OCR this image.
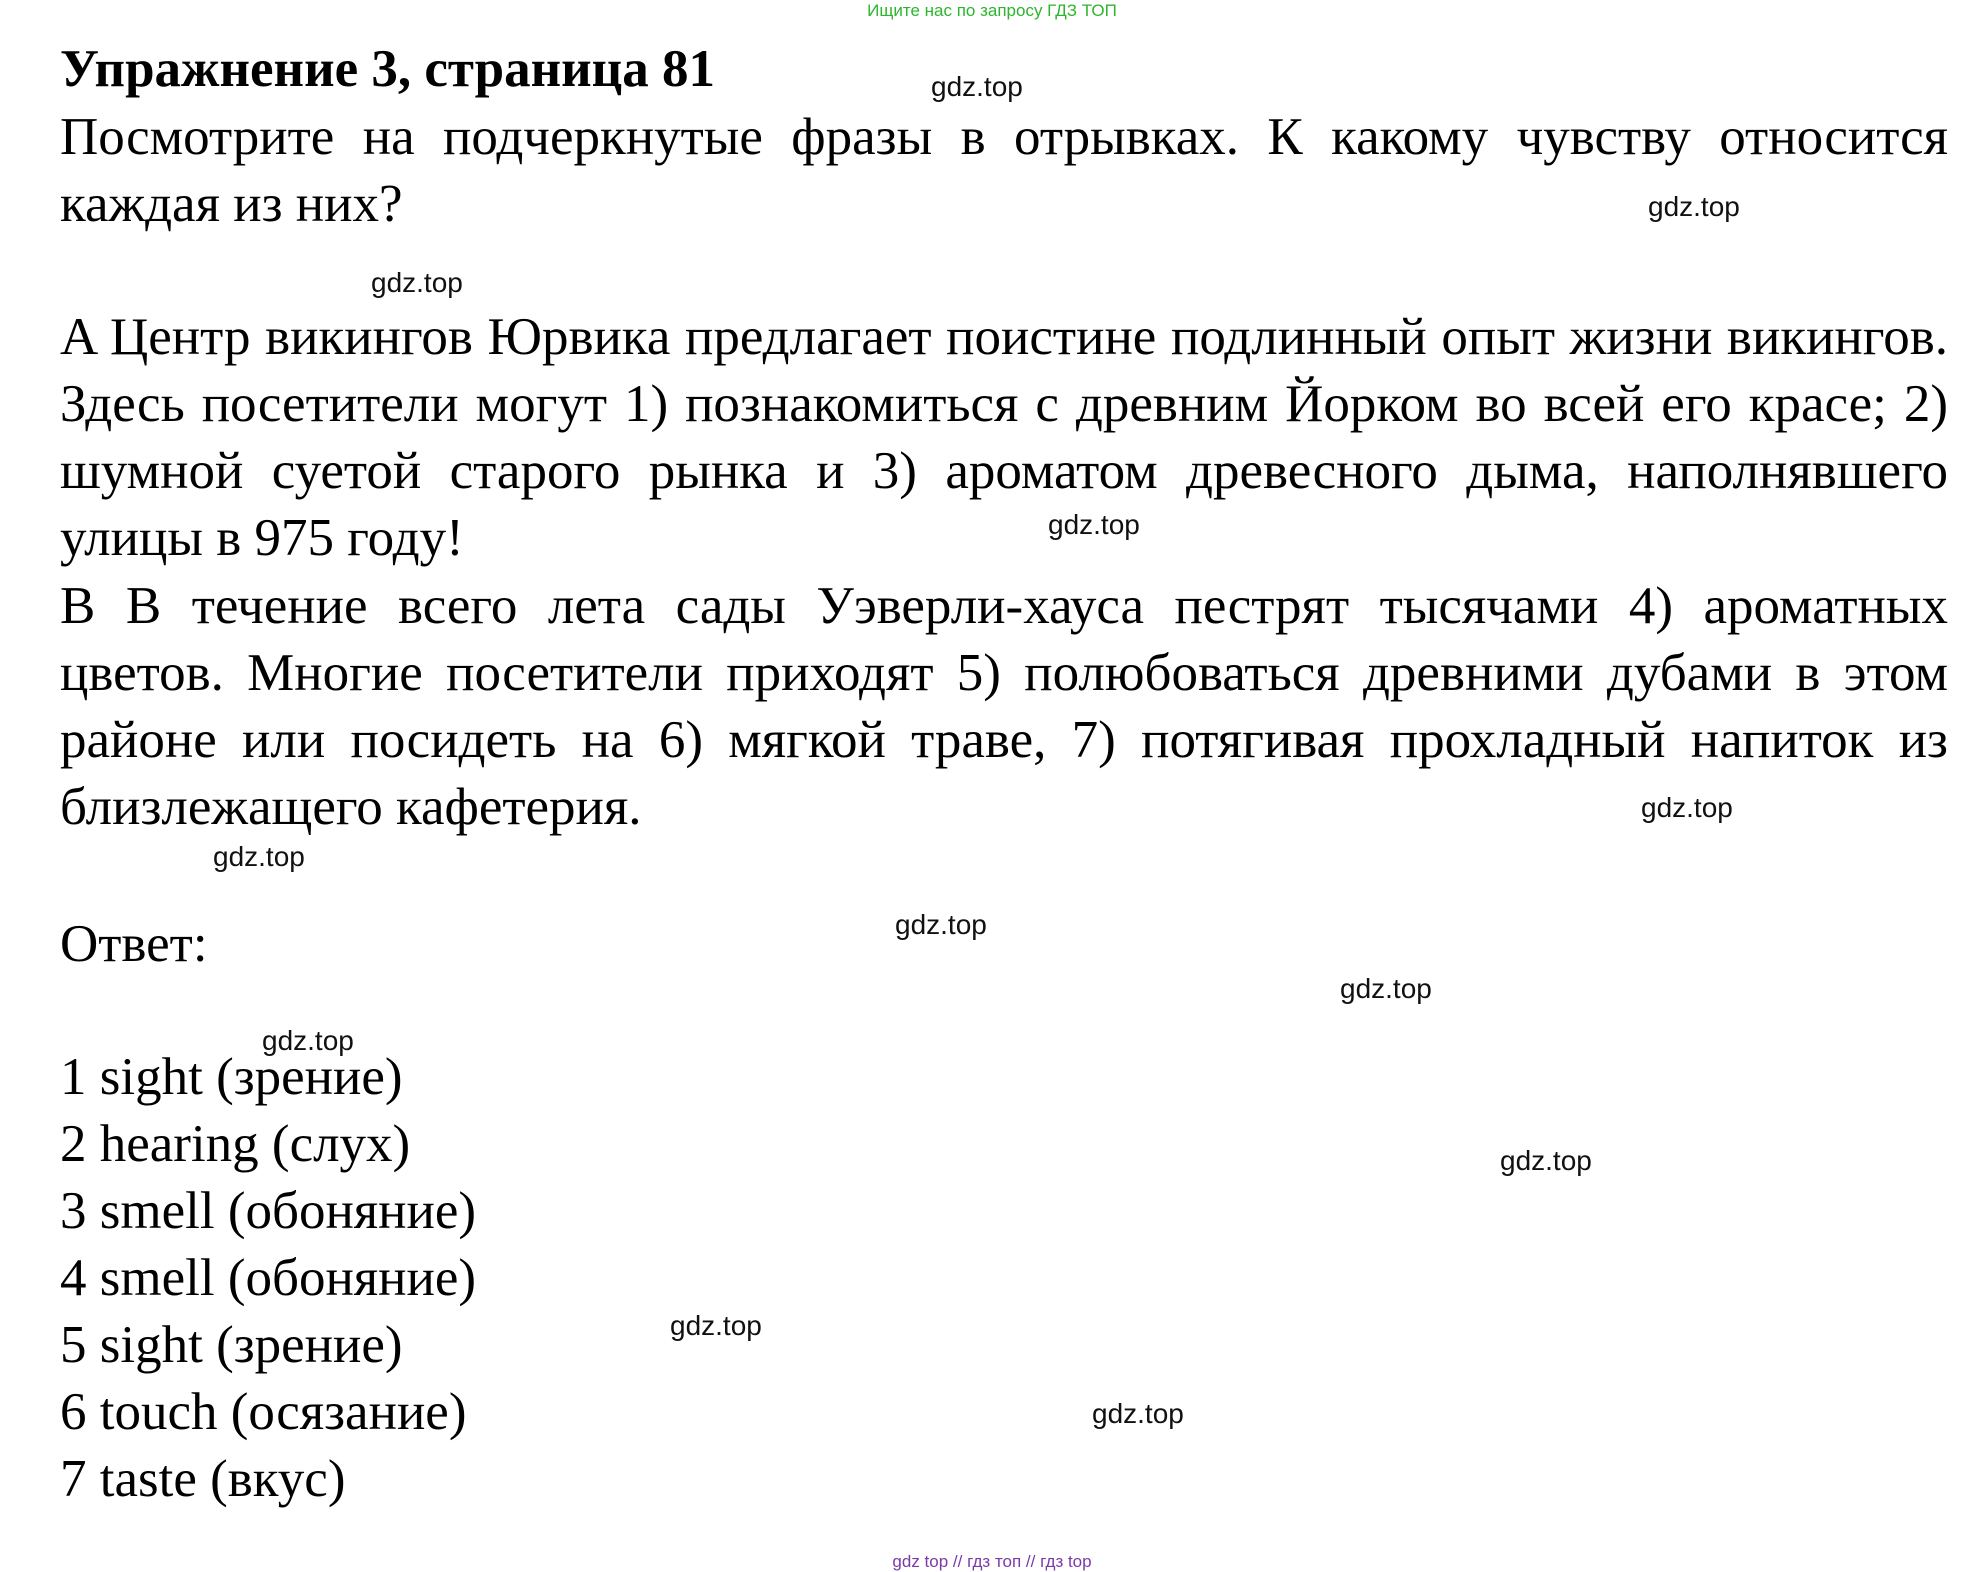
Ищите нас по запросу ГДЗ ТОП
Упражнение 3, страница 81

Посмотрите на подчеркнутые фразы в отрывках. К какому чувству относится каждая из них?

A Центр викингов Юрвика предлагает поистине подлинный опыт жизни викингов. Здесь посетители могут 1) познакомиться с древним Йорком во всей его красе; 2) шумной суетой старого рынка и 3) ароматом древесного дыма, наполнявшего улицы в 975 году!

B В течение всего лета сады Уэверли-хауса пестрят тысячами 4) ароматных цветов. Многие посетители приходят 5) полюбоваться древними дубами в этом районе или посидеть на 6) мягкой траве, 7) потягивая прохладный напиток из близлежащего кафетерия.

Ответ:

1 sight (зрение)
2 hearing (слух)
3 smell (обоняние)
4 smell (обоняние)
5 sight (зрение)
6 touch (осязание)
7 taste (вкус)
gdz.top
gdz.top
gdz.top
gdz.top
gdz.top
gdz.top
gdz.top
gdz.top
gdz.top
gdz.top
gdz.top
gdz.top
gdz top // гдз топ // гдз top
